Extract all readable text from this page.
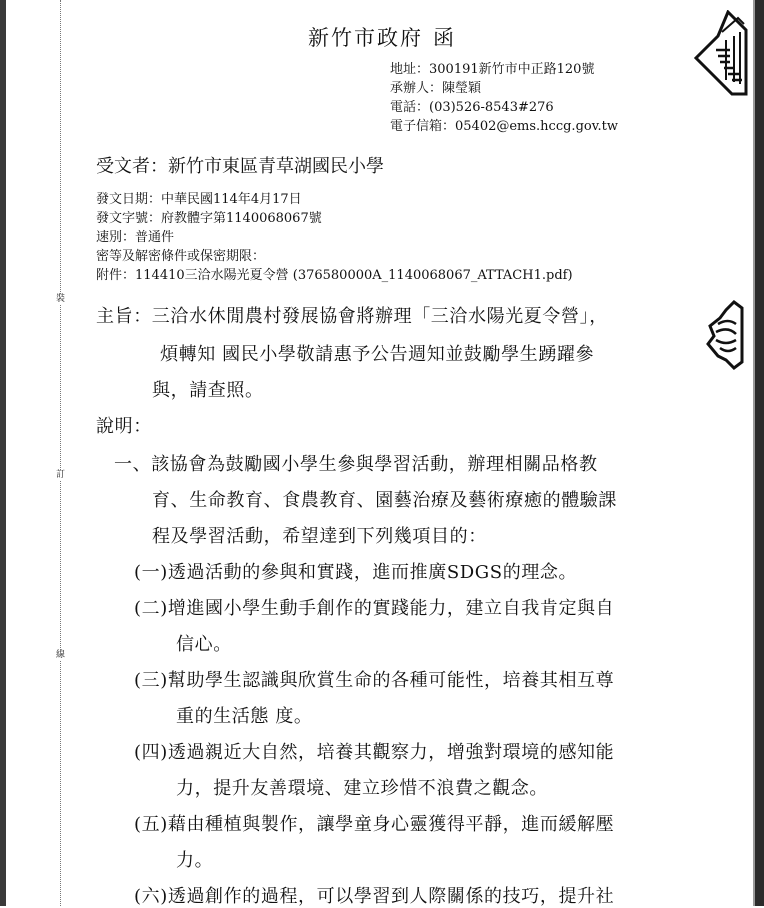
裝
訂
線
新竹市政府 函
地址：300191新竹市中正路120號
承辦人：陳瑩穎
電話：(03)526-8543#276
電子信箱：05402@ems.hccg.gov.tw
受文者：新竹市東區青草湖國民小學
發文日期：中華民國114年4月17日
發文字號：府教體字第1140068067號
速別：普通件
密等及解密條件或保密期限：
附件：114410三洽水陽光夏令營 (376580000A_1140068067_ATTACH1.pdf)
主旨：三洽水休閒農村發展協會將辦理「三洽水陽光夏令營」，
煩轉知 國民小學敬請惠予公告週知並鼓勵學生踴躍參
與，請查照。
說明：
一、該協會為鼓勵國小學生參與學習活動，辦理相關品格教
育、生命教育、食農教育、園藝治療及藝術療癒的體驗課
程及學習活動，希望達到下列幾項目的：
(一)透過活動的參與和實踐，進而推廣SDGS的理念。
(二)增進國小學生動手創作的實踐能力，建立自我肯定與自
信心。
(三)幫助學生認識與欣賞生命的各種可能性，培養其相互尊
重的生活態 度。
(四)透過親近大自然，培養其觀察力，增強對環境的感知能
力，提升友善環境、建立珍惜不浪費之觀念。
(五)藉由種植與製作，讓學童身心靈獲得平靜，進而緩解壓
力。
(六)透過創作的過程，可以學習到人際關係的技巧，提升社
